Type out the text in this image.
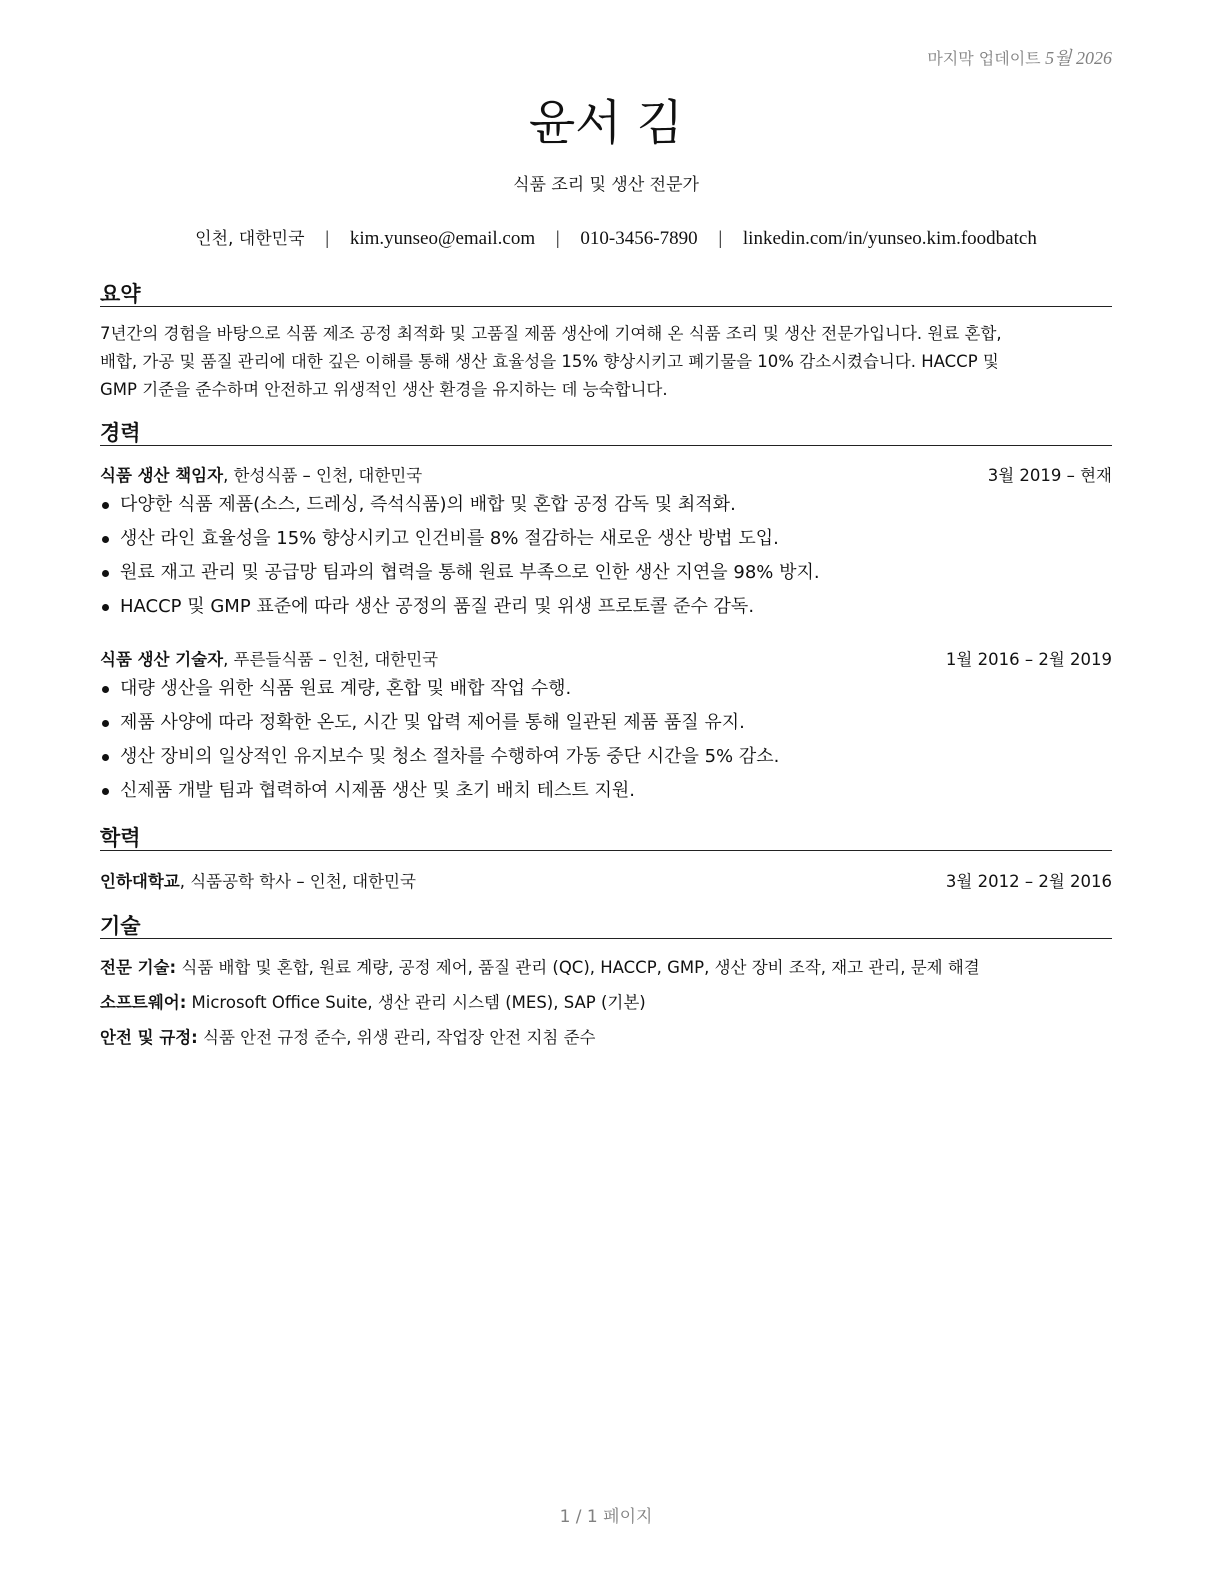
마지막 업데이트 5월 2026
윤서 김
식품 조리 및 생산 전문가
인천, 대한민국 | kim.yunseo@email.com | 010-3456-7890 | linkedin.com/in/yunseo.kim.foodbatch
요약
7년간의 경험을 바탕으로 식품 제조 공정 최적화 및 고품질 제품 생산에 기여해 온 식품 조리 및 생산 전문가입니다. 원료 혼합,
배합, 가공 및 품질 관리에 대한 깊은 이해를 통해 생산 효율성을 15% 향상시키고 폐기물을 10% 감소시켰습니다. HACCP 및
GMP 기준을 준수하며 안전하고 위생적인 생산 환경을 유지하는 데 능숙합니다.
경력
식품 생산 책임자, 한성식품 – 인천, 대한민국	3월 2019 – 현재
다양한 식품 제품(소스, 드레싱, 즉석식품)의 배합 및 혼합 공정 감독 및 최적화.
생산 라인 효율성을 15% 향상시키고 인건비를 8% 절감하는 새로운 생산 방법 도입.
원료 재고 관리 및 공급망 팀과의 협력을 통해 원료 부족으로 인한 생산 지연을 98% 방지.
HACCP 및 GMP 표준에 따라 생산 공정의 품질 관리 및 위생 프로토콜 준수 감독.
식품 생산 기술자, 푸른들식품 – 인천, 대한민국	1월 2016 – 2월 2019
대량 생산을 위한 식품 원료 계량, 혼합 및 배합 작업 수행.
제품 사양에 따라 정확한 온도, 시간 및 압력 제어를 통해 일관된 제품 품질 유지.
생산 장비의 일상적인 유지보수 및 청소 절차를 수행하여 가동 중단 시간을 5% 감소.
신제품 개발 팀과 협력하여 시제품 생산 및 초기 배치 테스트 지원.
학력
인하대학교, 식품공학 학사 – 인천, 대한민국	3월 2012 – 2월 2016
기술
전문 기술: 식품 배합 및 혼합, 원료 계량, 공정 제어, 품질 관리 (QC), HACCP, GMP, 생산 장비 조작, 재고 관리, 문제 해결
소프트웨어: Microsoft Office Suite, 생산 관리 시스템 (MES), SAP (기본)
안전 및 규정: 식품 안전 규정 준수, 위생 관리, 작업장 안전 지침 준수
1 / 1 페이지
